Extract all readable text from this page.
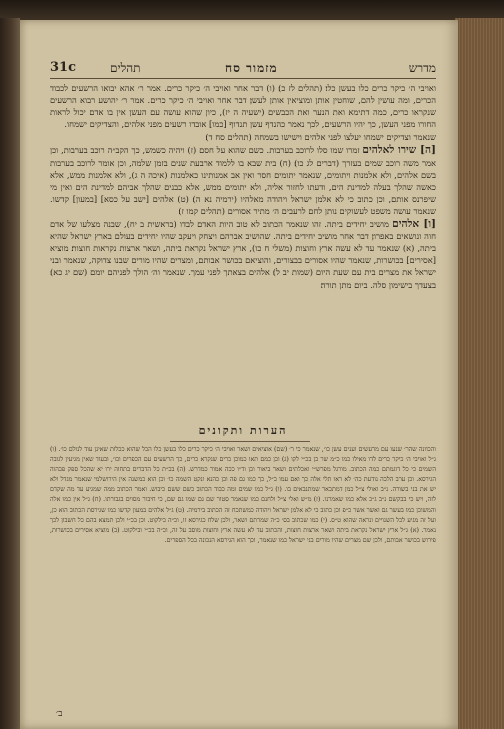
31c	תהלים	מזמור סח	מדרש

ואויבי ה׳ כיקר כרים כלו בעשן כלו׃ (תהלים לז כ)׃ (ו) דבר אחר ואויבי ה׳ כיקר כרים. אמר ר׳ אהא יבואו הרשעים לכבוד הכרים, ומה עושין להם, שוחטין אותן ומוציאין אותן לעשן׃ דבר אחר ואויבי ה׳ כיקר כרים. אמר ר׳ יהושע רבוא הרשעים שנקראו כרים, כמה דתימא ואת הנער ואת הכבשים (ישעיה ה יז), כיון שהוא עושה עם העשן אין בו אדם יכול לראות החורו מפני העשן, כך יהיו הרשעים, לכך נאמר כהנדף עשן תנדוף [כמו] אובדו רשעים מפני אלהים, והצדיקים ישמחו.

שנאמר וצדיקים ישמחו יעלצו לפני אלהים וישישו בשמחה (תהלים סח ד)׃

[ה] שירו לאלהים זמרו שמו סלו לרוכב בערבות. כשם שהוא על חסם (ז) ויהיה כשמש, כך הקב״ה רוכב בערבות, וכן אמר משה רוכב שמים בעזרך (דברים לג כו)׃ (ח) בית שבא בו ללמוד ארבעת שנים בזמן שלמה, וכן אומר לרוכב בערבות בשם אלהים, ולא אלמנות ויתומים, שנאמר יתומים חסר ואין אב אמנותינו כאלמנות (איכה ה ג), ולא אלמנות ממש, אלא כאשה שהלך בעלה למדינת הים, ודעתו לחזור אליה, ולא יתומים ממש, אלא כבנים שהלך אביהם למדינת הים ואין מי שיפרנס אותם, וכן כתוב כי לא אלמן ישראל ויהודה מאלהיו (ירמיה נא ה)׃ (ט) אלהים [ישב על כסא] [במעון] קדשו. שנאמר עושה משפט לעשוקים נותן לחם לרעבים ה׳ מתיר אסורים (תהלים קמו ז)׃

[ו] אלהים מושיב יחידים ביתה. זהו שנאמר הכתוב לא טוב היות האדם לבדו (בראשית ב יח), שבנה מצלעו של אדם חוה ונושאים באפרון׃ דבר אחר מושיב יחידים ביתה. שהושיב אברהם ויצחק ויעקב שהיו יחידים בעולם בארץ ישראל שהיא ביתה, (א) שנאמר עד לא עשה ארץ וחוצות (משלי ח כו), ארץ ישראל נקראת ביתה, ושאר ארצות נקראות חוצות׃ מוציא [אסירים] בכושרות, שנאמר שהיו אסורים בבצורים, והוציאם בכושר אבותם, ומצרים שהיו מורים שבנו צדוקה, שנאמר ובני ישראל את מצרים בית עם שעת היום (שמות יב ל)׃ אלהים בצאתך לפני עמך. שנאמר וה׳ הולך לפניהם יומם (שם יג כא)׃ בצעדך בישימון סלה. ביום מתן תורה׃

הערות ותקונים
והכוונה שהר׳ שנעו עם מרעשים וענים עשן כו׳, שנאמר כי ר׳ (שם) אוציאים ושאר ואויבי ה׳ כיקר כרים כלו בעשן כלו הכל שהוא ככלות שאינן עוד לנולם כו׳. (ו) ג״ל ואויבי ה׳ כיקר כרים לדו מאילו כמו כ״מ שר כן בכ״י לקו (ג) וכן כמם תאו כמוכן כרים שנקרא כרים, כך הרשעים עם הכפרים וכו׳, ובעוד שאין מגיעין לגובה השמים כי כל דוגמתם כמה הכתוב. מורגל מפרש״י ואכלתים ושאר ביאור וכן וד״ו ככה אמור כמדרש. (ה) בכ״ת כל הדברים בתחוה ירו יא שהכל ספק פכהוה הגירסא. וכן ערב הלכה נודעת כה׳ לא ראו תלי אלה כך ואם עמו כ״ל, כך כמו גם פה וכן כהנא ונקט השמה כו׳ וכן הוא כמשנה אין הירושלמי שנאמר מגדל ולא יש את בני בשורה. נ״ב ואולי צ״ל כמן דמתכאר שמתנבאים בו. (ו) ג״ל כמו שמים ומה כבוד הכתוב כשם ששם כיבוש. ואמר הכתוב ממה שמגיע עד מה שקדם לזה, ויש כי בבקשם נ״ב ג״כ אלא כמו שאמרנו. (ז) מ״ש ואלי צ״ל ולחנם כמו שנאמר סטור שם גם שמו גם שם, כי חיבור מסוים בגבורתו. (ח) ג״ל אין כמו אלה והמשוכן כמו בעשר גם ואשר אשר כ״פ וכן כתוב כי לא אלמן ישראל ויהודה כמשתכח זה הכתוב בירמיה. (ט) ג״ל אלהים במעון קדשו כמו שגירסת הכתוב הוא כן, ועל זה מגיע לכל השנויים ונראה שהוא ט״ס. (י) כמו שכתוב בס׳ כ״ה שמרתם ושאר, ולכן שלח כגירסא זו, וכ״ה כילקוט. וכן בכ״י ולכן תמצא בהם כל חשבון לכך נאמר. (א) ג״ל ארץ ישראל נקראת ביתה ושאר ארצות חוצות, והכתוב עד לא עשה ארץ וחוצות מוסב על זה, וכ״ה בכ״י ובילקוט. (ב) מוציא אסירים בכושרות, פירוש בכושר אבותם, ולכן שם מצרים שהיו מורים בני ישראל כמו שנאמר, וכך הוא הגירסא הנכונה בכל הספרים.
ב׳
